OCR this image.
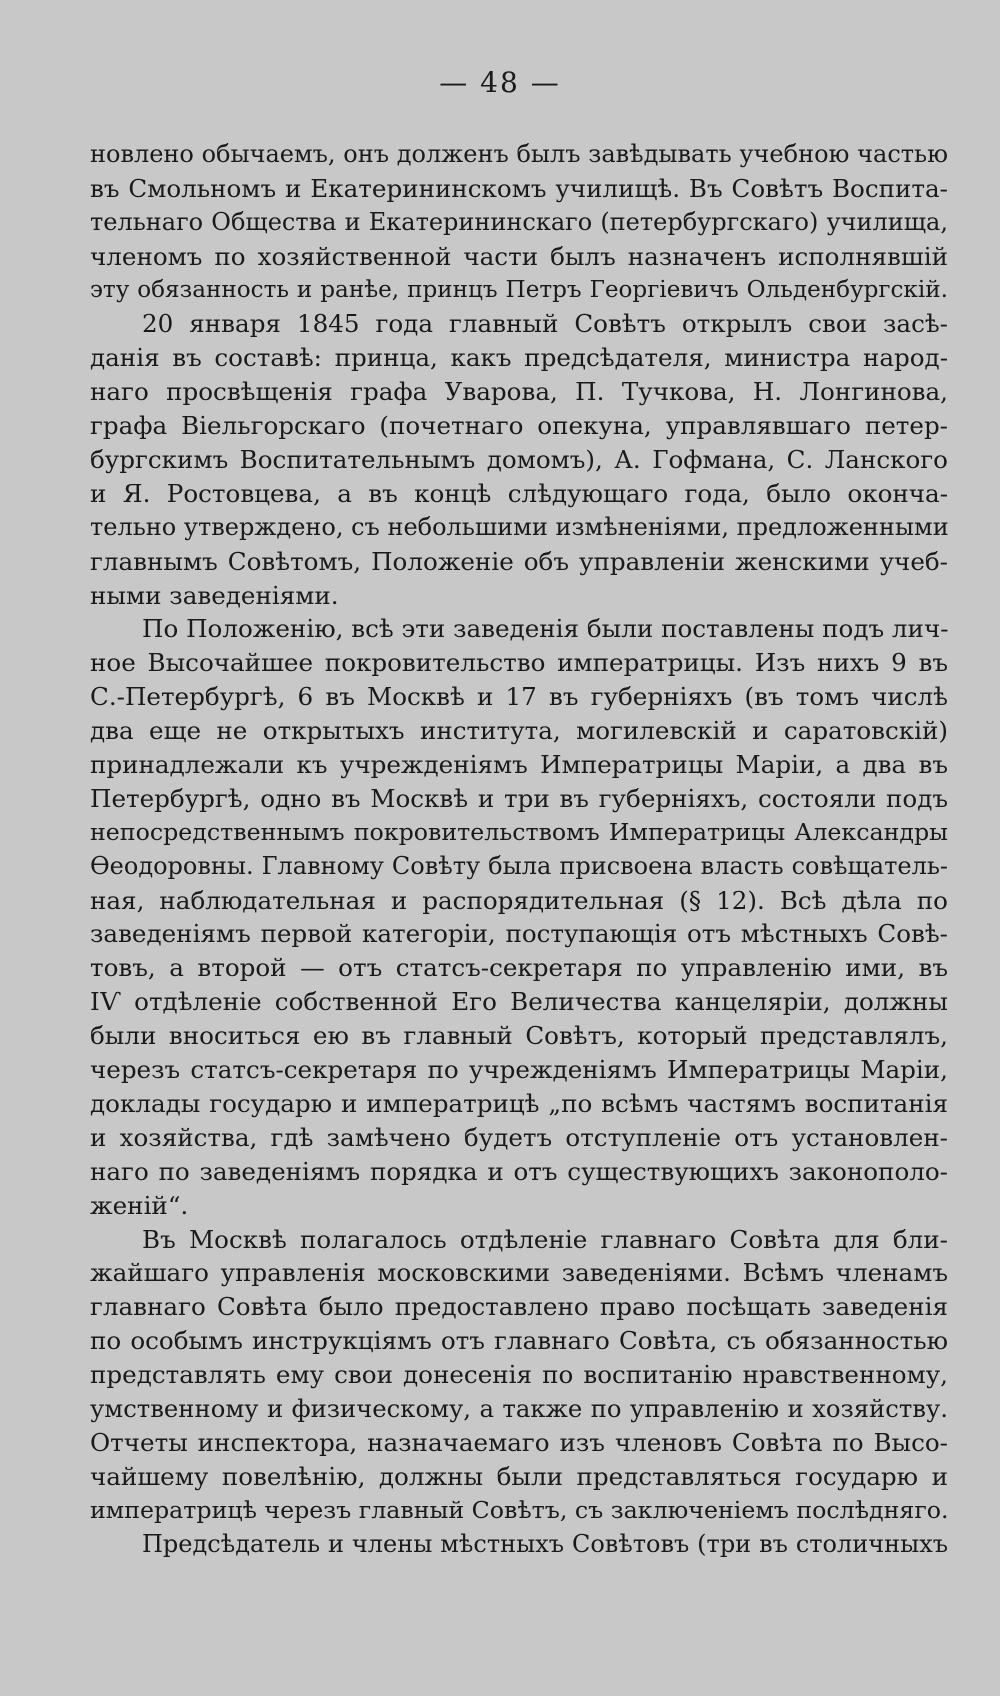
— 48 —
новлено обычаемъ, онъ долженъ былъ завѣдывать учебною частью
въ Смольномъ и Екатерининскомъ училищѣ. Въ Совѣтъ Воспита-
тельнаго Общества и Екатерининскаго (петербургскаго) училища,
членомъ по хозяйственной части былъ назначенъ исполнявшій
эту обязанность и ранѣе, принцъ Петръ Георгіевичъ Ольденбургскій.
20 января 1845 года главный Совѣтъ открылъ свои засѣ-
данія въ составѣ: принца, какъ предсѣдателя, министра народ-
наго просвѣщенія графа Уварова, П. Тучкова, Н. Лонгинова,
графа Віельгорскаго (почетнаго опекуна, управлявшаго петер-
бургскимъ Воспитательнымъ домомъ), А. Гофмана, С. Ланского
и Я. Ростовцева, а въ концѣ слѣдующаго года, было оконча-
тельно утверждено, съ небольшими измѣненіями, предложенными
главнымъ Совѣтомъ, Положеніе объ управленіи женскими учеб-
ными заведеніями.
По Положенію, всѣ эти заведенія были поставлены подъ лич-
ное Высочайшее покровительство императрицы. Изъ нихъ 9 въ
С.-Петербургѣ, 6 въ Москвѣ и 17 въ губерніяхъ (въ томъ числѣ
два еще не открытыхъ института, могилевскій и саратовскій)
принадлежали къ учрежденіямъ Императрицы Маріи, а два въ
Петербургѣ, одно въ Москвѣ и три въ губерніяхъ, состояли подъ
непосредственнымъ покровительствомъ Императрицы Александры
Ѳеодоровны. Главному Совѣту была присвоена власть совѣщатель-
ная, наблюдательная и распорядительная (§ 12). Всѣ дѣла по
заведеніямъ первой категоріи, поступающія отъ мѣстныхъ Совѣ-
товъ, а второй — отъ статсъ-секретаря по управленію ими, въ
IѴ отдѣленіе собственной Его Величества канцеляріи, должны
были вноситься ею въ главный Совѣтъ, который представлялъ,
черезъ статсъ-секретаря по учрежденіямъ Императрицы Маріи,
доклады государю и императрицѣ „по всѣмъ частямъ воспитанія
и хозяйства, гдѣ замѣчено будетъ отступленіе отъ установлен-
наго по заведеніямъ порядка и отъ существующихъ законополо-
женій“.
Въ Москвѣ полагалось отдѣленіе главнаго Совѣта для бли-
жайшаго управленія московскими заведеніями. Всѣмъ членамъ
главнаго Совѣта было предоставлено право посѣщать заведенія
по особымъ инструкціямъ отъ главнаго Совѣта, съ обязанностью
представлять ему свои донесенія по воспитанію нравственному,
умственному и физическому, а также по управленію и хозяйству.
Отчеты инспектора, назначаемаго изъ членовъ Совѣта по Высо-
чайшему повелѣнію, должны были представляться государю и
императрицѣ черезъ главный Совѣтъ, съ заключеніемъ послѣдняго.
Предсѣдатель и члены мѣстныхъ Совѣтовъ (три въ столичныхъ
